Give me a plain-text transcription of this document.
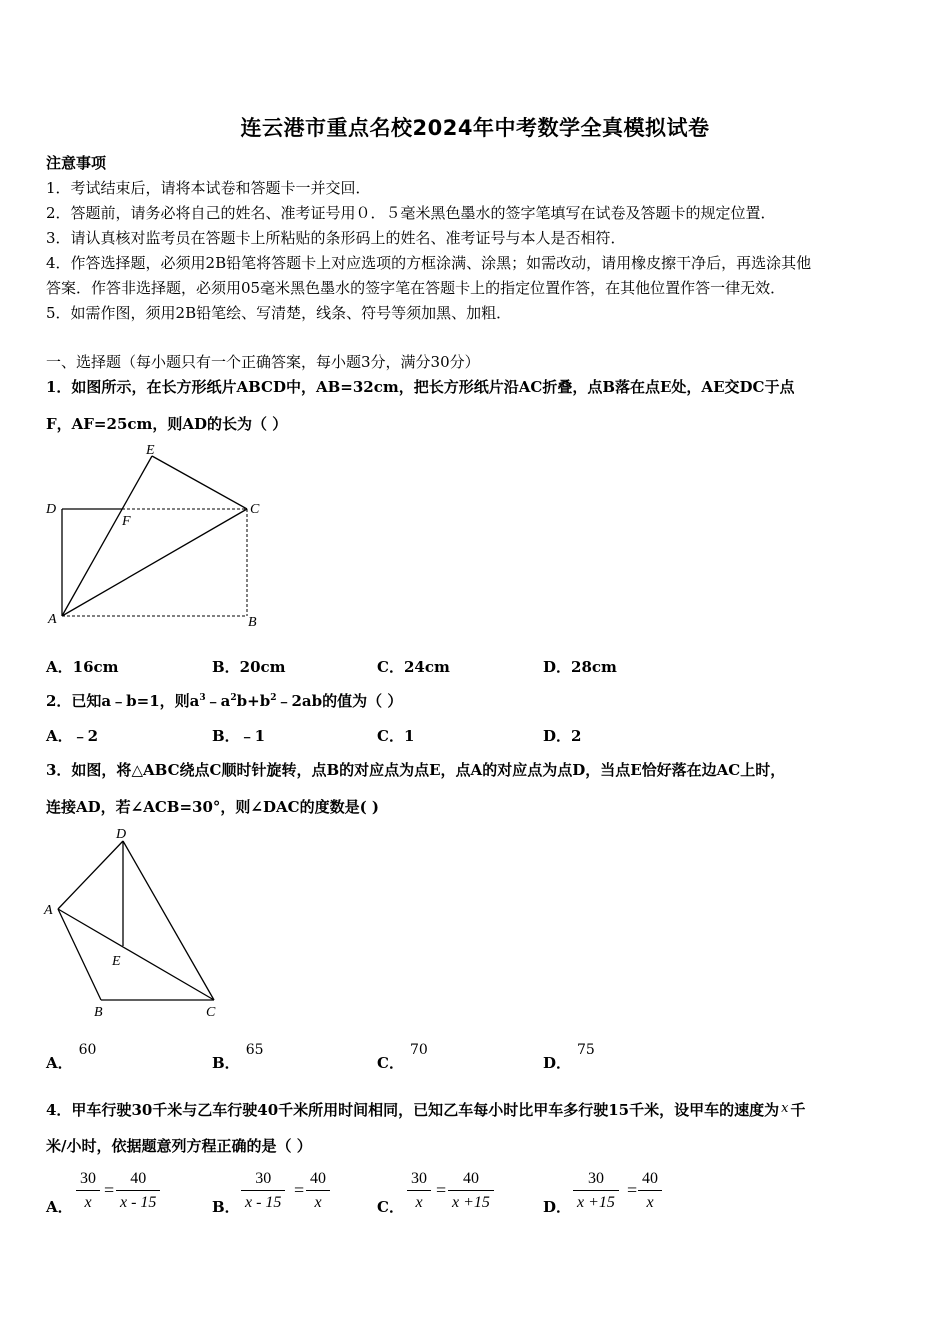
连云港市重点名校2024年中考数学全真模拟试卷
注意事项
1．考试结束后，请将本试卷和答题卡一并交回．
2．答题前，请务必将自己的姓名、准考证号用０．５毫米黑色墨水的签字笔填写在试卷及答题卡的规定位置．
3．请认真核对监考员在答题卡上所粘贴的条形码上的姓名、准考证号与本人是否相符．
4．作答选择题，必须用2B铅笔将答题卡上对应选项的方框涂满、涂黑；如需改动，请用橡皮擦干净后，再选涂其他
答案．作答非选择题，必须用05毫米黑色墨水的签字笔在答题卡上的指定位置作答，在其他位置作答一律无效．
5．如需作图，须用2B铅笔绘、写清楚，线条、符号等须加黑、加粗．
一、选择题（每小题只有一个正确答案，每小题3分，满分30分）
1．如图所示，在长方形纸片ABCD中，AB=32cm，把长方形纸片沿AC折叠，点B落在点E处，AE交DC于点
F，AF=25cm，则AD的长为（ ）
E
D
F
C
A	B
A．16cm	B．20cm	C．24cm	D．28cm
2．已知a﹣b=1，则$a^3﹣a^2b+b^2﹣2ab$的值为（ ）
A．﹣2	B．﹣1	C．1	D．2
3．如图，将△ABC绕点C顺时针旋转，点B的对应点为点E，点A的对应点为点D，当点E恰好落在边AC上时，
连接AD，若∠ACB=30°，则∠DAC的度数是( )
D
A
E
B	C
A．60
B．65
C．70
D．75
4．甲车行驶30千米与乙车行驶40千米所用时间相同，已知乙车每小时比甲车多行驶15千米，设甲车的速度为 x 千
米/小时，依据题意列方程正确的是（ ）
A． $\frac{30}{x} = \frac{40}{x - 15}$	B． $\frac{30}{x - 15} = \frac{40}{x}$	C． $\frac{30}{x} = \frac{40}{x +15}$	D． $\frac{30}{x +15} = \frac{40}{x}$
